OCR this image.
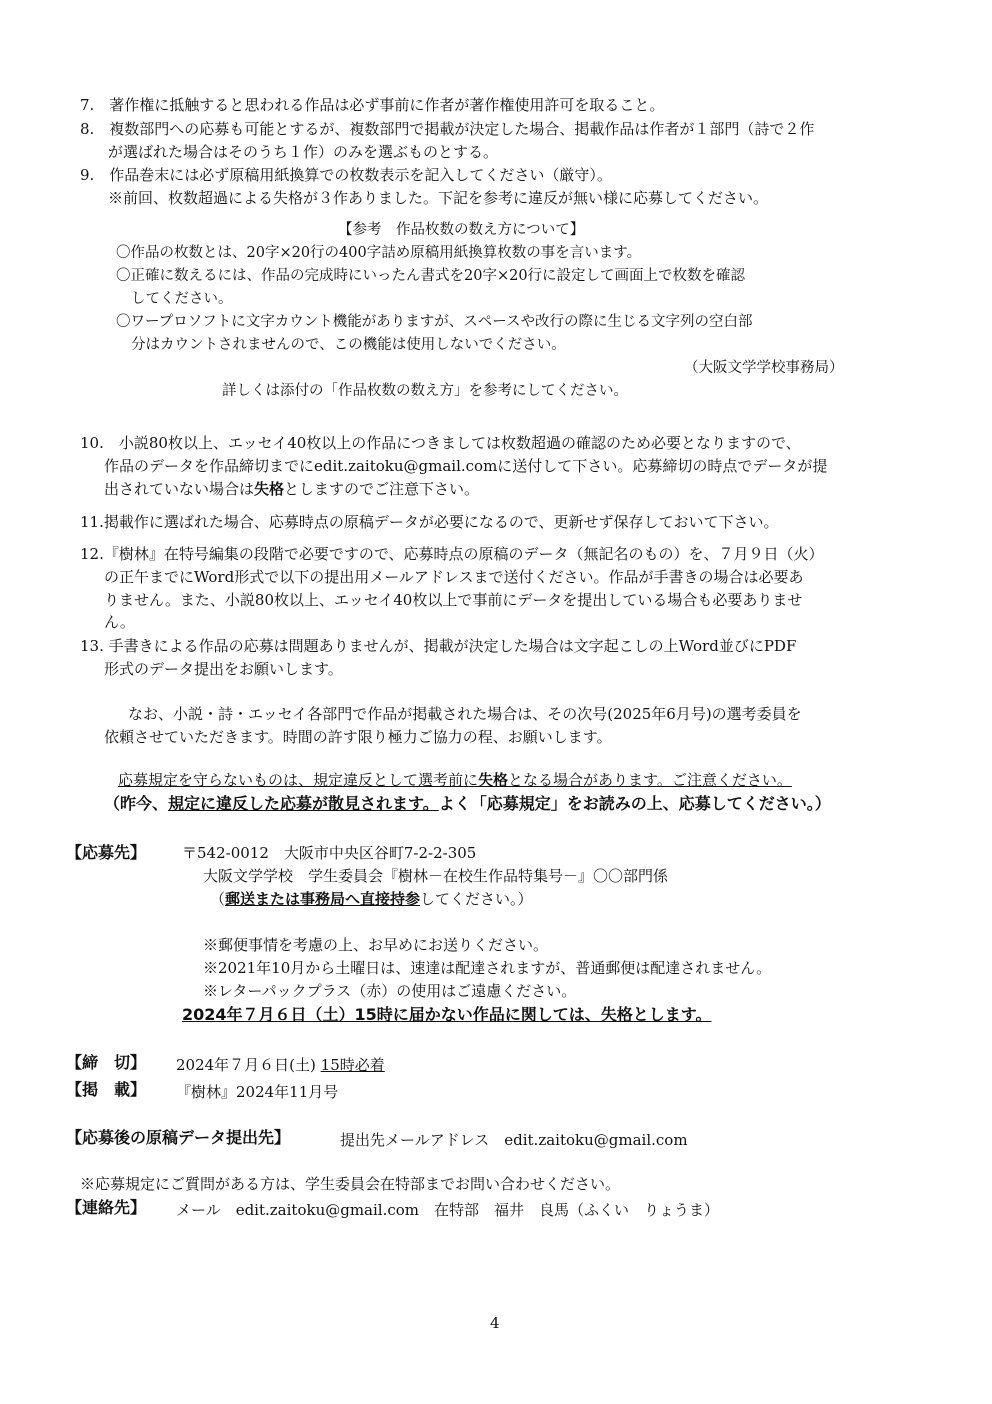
7.　著作権に抵触すると思われる作品は必ず事前に作者が著作権使用許可を取ること。
8.　複数部門への応募も可能とするが、複数部門で掲載が決定した場合、掲載作品は作者が１部門（詩で２作
が選ばれた場合はそのうち１作）のみを選ぶものとする。
9.　作品巻末には必ず原稿用紙換算での枚数表示を記入してください（厳守）。
※前回、枚数超過による失格が３作ありました。下記を参考に違反が無い様に応募してください。
【参考　作品枚数の数え方について】
〇作品の枚数とは、20字×20行の400字詰め原稿用紙換算枚数の事を言います。
〇正確に数えるには、作品の完成時にいったん書式を20字×20行に設定して画面上で枚数を確認
してください。
〇ワープロソフトに文字カウント機能がありますが、スペースや改行の際に生じる文字列の空白部
分はカウントされませんので、この機能は使用しないでください。
（大阪文学学校事務局）
詳しくは添付の「作品枚数の数え方」を参考にしてください。
10.　小説80枚以上、エッセイ40枚以上の作品につきましては枚数超過の確認のため必要となりますので、
作品のデータを作品締切までにedit.zaitoku@gmail.comに送付して下さい。応募締切の時点でデータが提
出されていない場合は失格としますのでご注意下さい。
11.掲載作に選ばれた場合、応募時点の原稿データが必要になるので、更新せず保存しておいて下さい。
12.『樹林』在特号編集の段階で必要ですので、応募時点の原稿のデータ（無記名のもの）を、７月９日（火）
の正午までにWord形式で以下の提出用メールアドレスまで送付ください。作品が手書きの場合は必要あ
りません。また、小説80枚以上、エッセイ40枚以上で事前にデータを提出している場合も必要ありませ
ん。
13. 手書きによる作品の応募は問題ありませんが、掲載が決定した場合は文字起こしの上Word並びにPDF
形式のデータ提出をお願いします。
なお、小説・詩・エッセイ各部門で作品が掲載された場合は、その次号(2025年6月号)の選考委員を
依頼させていただきます。時間の許す限り極力ご協力の程、お願いします。
応募規定を守らないものは、規定違反として選考前に失格となる場合があります。ご注意ください。
（昨今、規定に違反した応募が散見されます。よく「応募規定」をお読みの上、応募してください。）
【応募先】 〒542-0012　大阪市中央区谷町7-2-2-305
大阪文学学校　学生委員会『樹林－在校生作品特集号－』〇〇部門係
（郵送または事務局へ直接持参してください。）
※郵便事情を考慮の上、お早めにお送りください。
※2021年10月から土曜日は、速達は配達されますが、普通郵便は配達されません。
※レターパックプラス（赤）の使用はご遠慮ください。
2024年７月６日（土）15時に届かない作品に関しては、失格とします。
【締　切】 2024年７月６日(土) 15時必着
【掲　載】 『樹林』2024年11月号
【応募後の原稿データ提出先】	提出先メールアドレス　edit.zaitoku@gmail.com
※応募規定にご質問がある方は、学生委員会在特部までお問い合わせください。
【連絡先】 メール　edit.zaitoku@gmail.com　在特部　福井　良馬（ふくい　りょうま）
4
